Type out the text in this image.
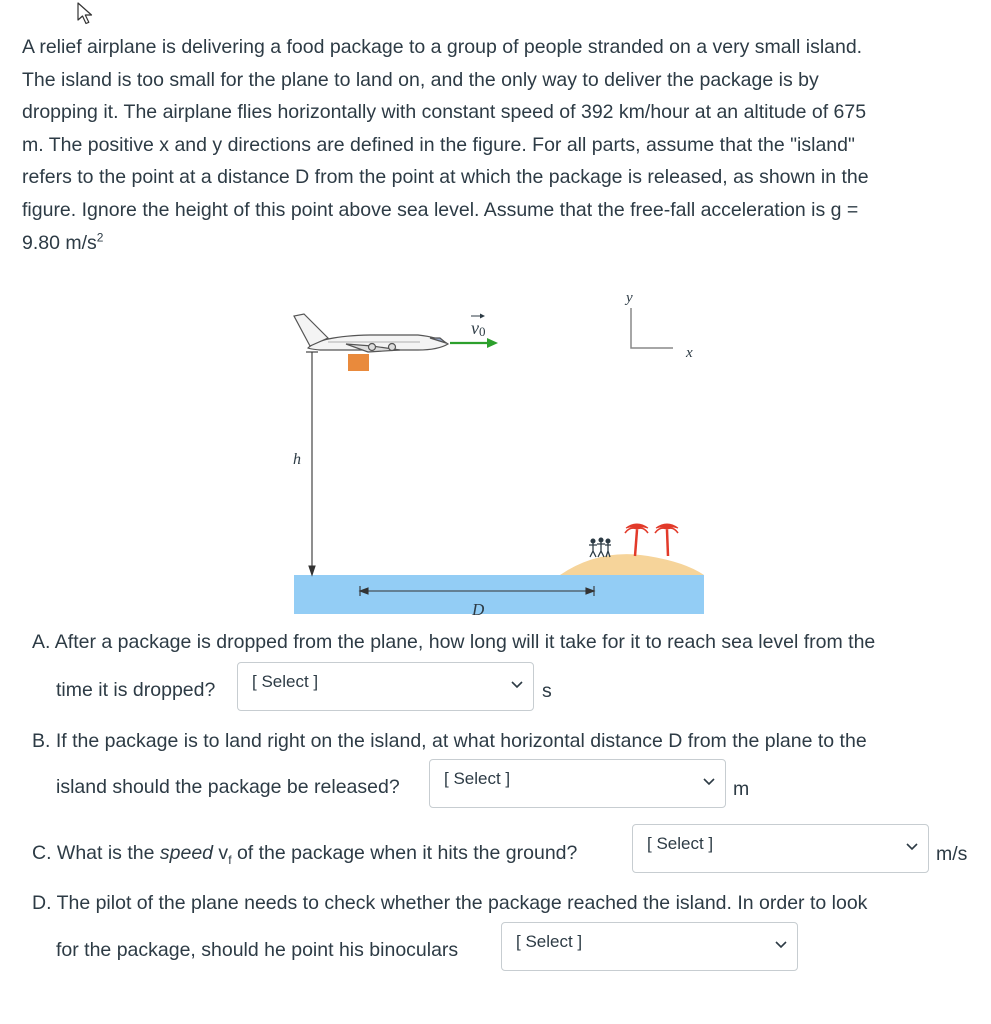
A relief airplane is delivering a food package to a group of people stranded on a very small island.
The island is too small for the plane to land on, and the only way to deliver the package is by
dropping it. The airplane flies horizontally with constant speed of 392 km/hour at an altitude of 675
m. The positive x and y directions are defined in the figure. For all parts, assume that the "island"
refers to the point at a distance D from the point at which the package is released, as shown in the
figure. Ignore the height of this point above sea level. Assume that the free-fall acceleration is g =
9.80 $m/s^2$

v0
y
x
h
D
A. After a package is dropped from the plane, how long will it take for it to reach sea level from the
time it is dropped?	[ Select ]	s
B. If the package is to land right on the island, at what horizontal distance D from the plane to the
island should the package be released?	[ Select ]	m
C. What is the speed $v_f$ of the package when it hits the ground?	[ Select ]	m/s
D. The pilot of the plane needs to check whether the package reached the island. In order to look
for the package, should he point his binoculars	[ Select ]
